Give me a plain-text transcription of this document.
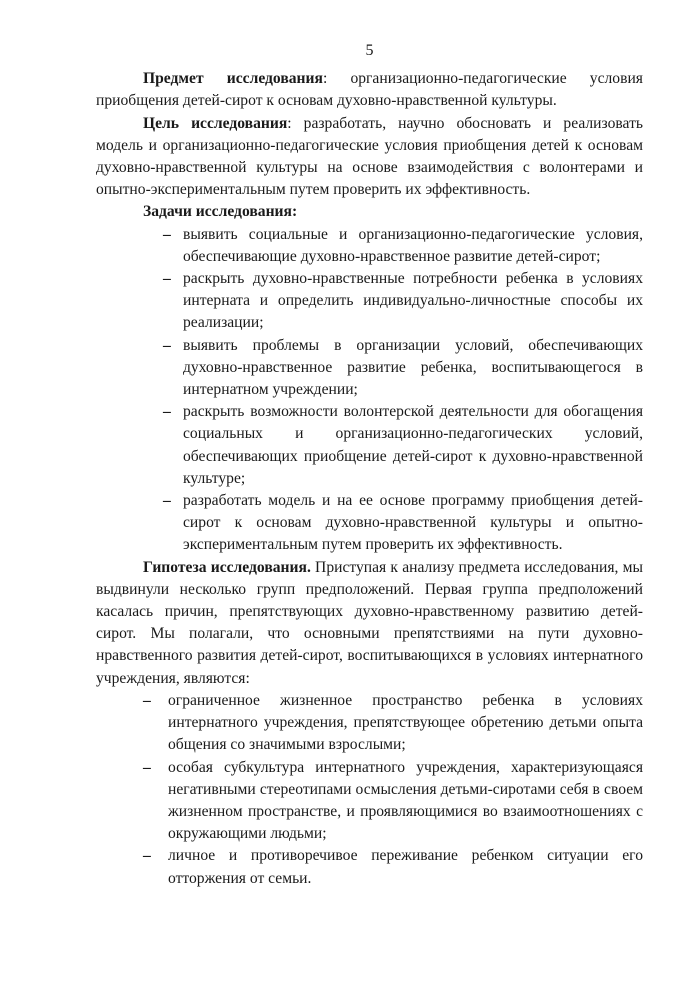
5

Предмет исследования: организационно-педагогические условия приобщения детей-сирот к основам духовно-нравственной культуры.

Цель исследования: разработать, научно обосновать и реализовать модель и организационно-педагогические условия приобщения детей к основам духовно-нравственной культуры на основе взаимодействия с волонтерами и опытно-экспериментальным путем проверить их эффективность.

Задачи исследования:
– выявить социальные и организационно-педагогические условия, обеспечивающие духовно-нравственное развитие детей-сирот;
– раскрыть духовно-нравственные потребности ребенка в условиях интерната и определить индивидуально-личностные способы их реализации;
– выявить проблемы в организации условий, обеспечивающих духовно-нравственное развитие ребенка, воспитывающегося в интернатном учреждении;
– раскрыть возможности волонтерской деятельности для обогащения социальных и организационно-педагогических условий, обеспечивающих приобщение детей-сирот к духовно-нравственной культуре;
– разработать модель и на ее основе программу приобщения детей-сирот к основам духовно-нравственной культуры и опытно-экспериментальным путем проверить их эффективность.

Гипотеза исследования. Приступая к анализу предмета исследования, мы выдвинули несколько групп предположений. Первая группа предположений касалась причин, препятствующих духовно-нравственному развитию детей-сирот. Мы полагали, что основными препятствиями на пути духовно-нравственного развития детей-сирот, воспитывающихся в условиях интернатного учреждения, являются:

– ограниченное жизненное пространство ребенка в условиях интернатного учреждения, препятствующее обретению детьми опыта общения со значимыми взрослыми;
– особая субкультура интернатного учреждения, характеризующаяся негативными стереотипами осмысления детьми-сиротами себя в своем жизненном пространстве, и проявляющимися во взаимоотношениях с окружающими людьми;
– личное и противоречивое переживание ребенком ситуации его отторжения от семьи.
